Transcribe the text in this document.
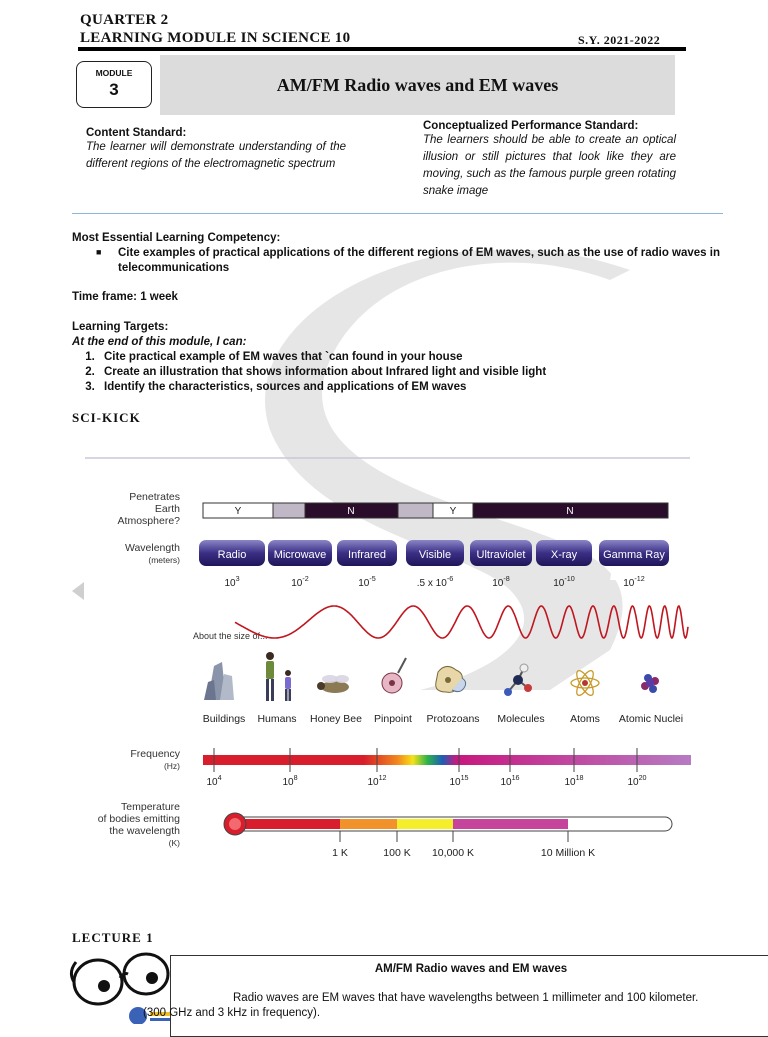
QUARTER 2
LEARNING MODULE IN SCIENCE 10	S.Y. 2021-2022
MODULE
3	AM/FM Radio waves and EM waves
Content Standard:
The learner will demonstrate understanding of the different regions of the electromagnetic spectrum
Conceptualized Performance Standard:
The learners should be able to create an optical illusion or still pictures that look like they are moving, such as the famous purple green rotating snake image
Most Essential Learning Competency:
■ Cite examples of practical applications of the different regions of EM waves, such as the use of radio waves in telecommunications
Time frame: 1 week
Learning Targets:
At the end of this module, I can:
1. Cite practical example of EM waves that `can found in your house
2. Create an illustration that shows information about Infrared light and visible light
3. Identify the characteristics, sources and applications of EM waves
SCI-KICK
Penetrates
Earth
Atmosphere?
Y	N	Y	N
Wavelength
(meters)	Radio Microwave Infrared	Visible Ultraviolet X-ray Gamma Ray
$10^3$	$10^{-2}$	$10^{-5}$	.5 x $10^{-6}$	$10^{-8}$	$10^{-10}$	$10^{-12}$
About the size of...
Buildings Humans Honey Bee Pinpoint Protozoans Molecules Atoms Atomic Nuclei
Frequency
(Hz)
$10^4$	$10^8$	$10^{12}$	$10^{15}$	$10^{16}$	$10^{18}$	$10^{20}$
Temperature
of bodies emitting
the wavelength
(K)
1 K	100 K 10,000 K	10 Million K
LECTURE 1
AM/FM Radio waves and EM waves
Radio waves are EM waves that have wavelengths between 1 millimeter and 100 kilometer.
(300 GHz and 3 kHz in frequency).
